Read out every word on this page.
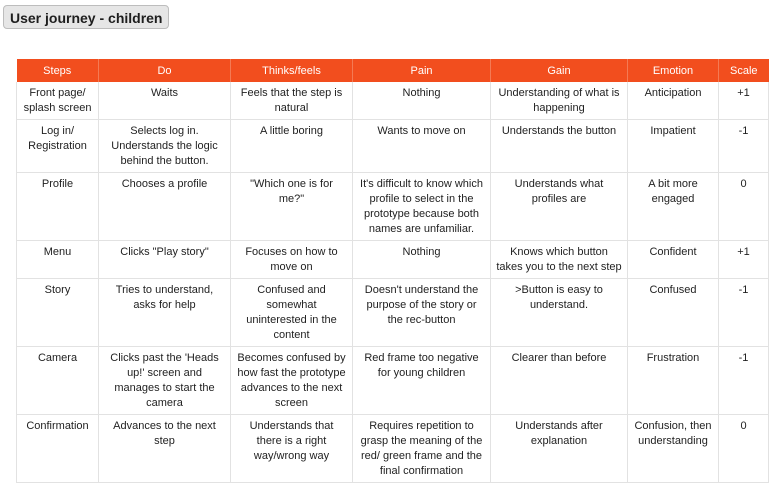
User journey - children
Steps	Do	Thinks/feels	Pain	Gain	Emotion	Scale
Front page/ splash screen	Waits	Feels that the step is natural	Nothing	Understanding of what is happening	Anticipation	+1
Log in/ Registration	Selects log in. Understands the logic behind the button.	A little boring	Wants to move on	Understands the button	Impatient	-1
Profile	Chooses a profile	"Which one is for me?"	It's difficult to know which profile to select in the prototype because both names are unfamiliar.	Understands what profiles are	A bit more engaged	0
Menu	Clicks "Play story"	Focuses on how to move on	Nothing	Knows which button takes you to the next step	Confident	+1
Story	Tries to understand, asks for help	Confused and somewhat uninterested in the content	Doesn't understand the purpose of the story or the rec-button	>Button is easy to understand.	Confused	-1
Camera	Clicks past the 'Heads up!' screen and manages to start the camera	Becomes confused by how fast the prototype advances to the next screen	Red frame too negative for young children	Clearer than before	Frustration	-1
Confirmation	Advances to the next step	Understands that there is a right way/wrong way	Requires repetition to grasp the meaning of the red/ green frame and the final confirmation	Understands after explanation	Confusion, then understanding	0
